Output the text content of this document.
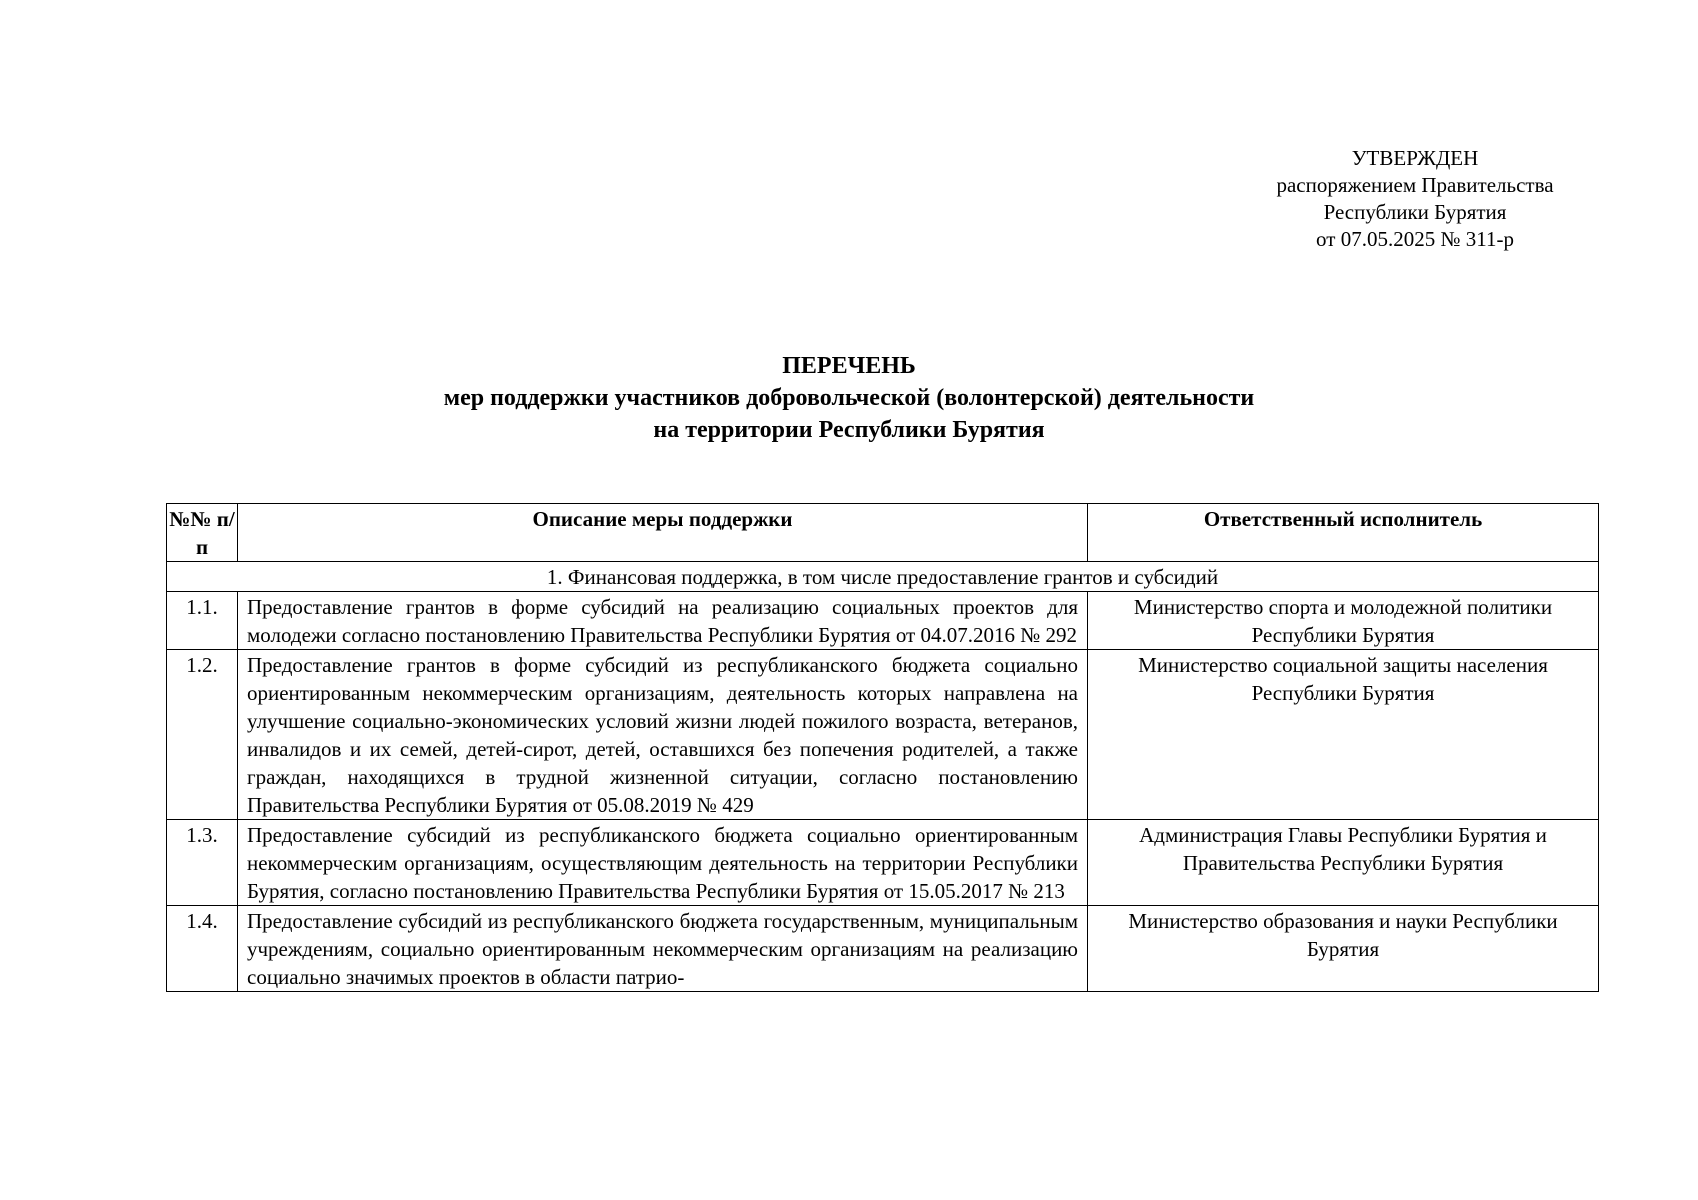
УТВЕРЖДЕН
распоряжением Правительства
Республики Бурятия
от 07.05.2025 № 311-р
ПЕРЕЧЕНЬ
мер поддержки участников добровольческой (волонтерской) деятельности
на территории Республики Бурятия
№№ п/п	Описание меры поддержки	Ответственный исполнитель
1. Финансовая поддержка, в том числе предоставление грантов и субсидий		
1.1.	Предоставление грантов в форме субсидий на реализацию социальных проектов для молодежи согласно постановлению Правительства Республики Бурятия от 04.07.2016 № 292	Министерство спорта и молодежной политики Республики Бурятия
1.2.	Предоставление грантов в форме субсидий из республиканского бюджета социально ориентированным некоммерческим организациям, деятельность которых направлена на улучшение социально-экономических условий жизни людей пожилого возраста, ветеранов, инвалидов и их семей, детей-сирот, детей, оставшихся без попечения родителей, а также граждан, находящихся в трудной жизненной ситуации, согласно постановлению Правительства Республики Бурятия от 05.08.2019 № 429	Министерство социальной защиты населения Республики Бурятия
1.3.	Предоставление субсидий из республиканского бюджета социально ориентированным некоммерческим организациям, осуществляющим деятельность на территории Республики Бурятия, согласно постановлению Правительства Республики Бурятия от 15.05.2017 № 213	Администрация Главы Республики Бурятия и Правительства Республики Бурятия
1.4.	Предоставление субсидий из республиканского бюджета государственным, муниципальным учреждениям, социально ориентированным некоммерческим организациям на реализацию социально значимых проектов в области патрио-	Министерство образования и науки Республики Бурятия
